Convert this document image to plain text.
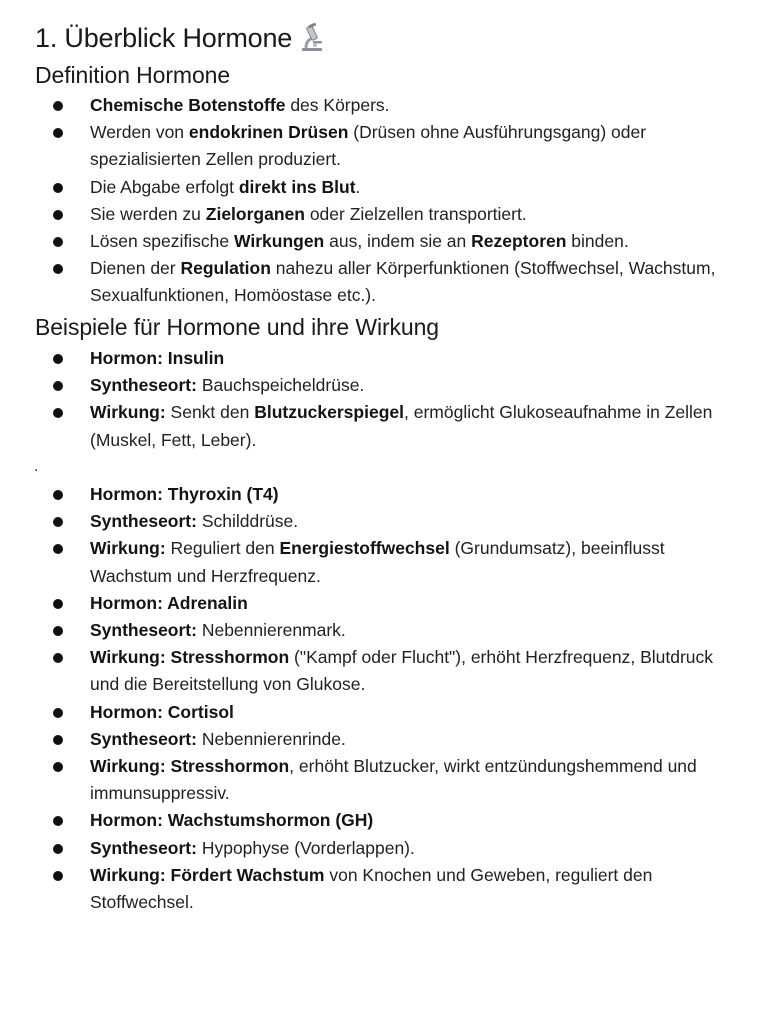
1. Überblick Hormone
Definition Hormone
Chemische Botenstoffe des Körpers.
Werden von endokrinen Drüsen (Drüsen ohne Ausführungsgang) oder spezialisierten Zellen produziert.
Die Abgabe erfolgt direkt ins Blut.
Sie werden zu Zielorganen oder Zielzellen transportiert.
Lösen spezifische Wirkungen aus, indem sie an Rezeptoren binden.
Dienen der Regulation nahezu aller Körperfunktionen (Stoffwechsel, Wachstum, Sexualfunktionen, Homöostase etc.).
Beispiele für Hormone und ihre Wirkung
Hormon: Insulin
Syntheseort: Bauchspeicheldrüse.
Wirkung: Senkt den Blutzuckerspiegel, ermöglicht Glukoseaufnahme in Zellen (Muskel, Fett, Leber).
.
Hormon: Thyroxin (T4)
Syntheseort: Schilddrüse.
Wirkung: Reguliert den Energiestoffwechsel (Grundumsatz), beeinflusst Wachstum und Herzfrequenz.
Hormon: Adrenalin
Syntheseort: Nebennierenmark.
Wirkung: Stresshormon ("Kampf oder Flucht"), erhöht Herzfrequenz, Blutdruck und die Bereitstellung von Glukose.
Hormon: Cortisol
Syntheseort: Nebennierenrinde.
Wirkung: Stresshormon, erhöht Blutzucker, wirkt entzündungshemmend und immunsuppressiv.
Hormon: Wachstumshormon (GH)
Syntheseort: Hypophyse (Vorderlappen).
Wirkung: Fördert Wachstum von Knochen und Geweben, reguliert den Stoffwechsel.
